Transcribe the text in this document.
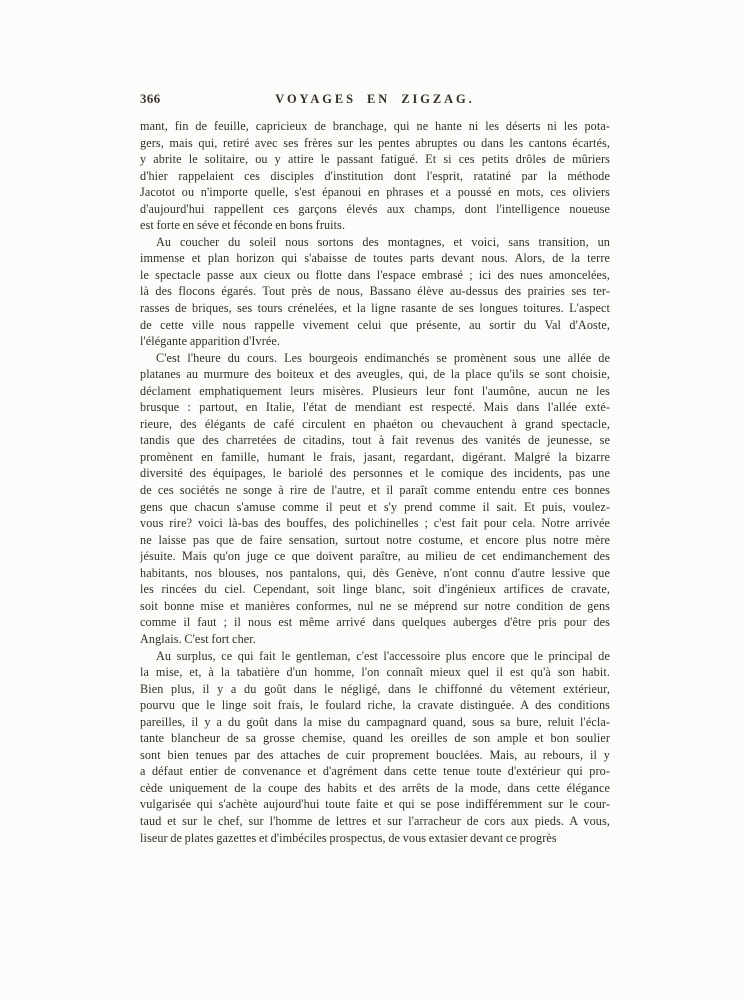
366	VOYAGES EN ZIGZAG.
mant, fin de feuille, capricieux de branchage, qui ne hante ni les déserts ni les pota-
gers, mais qui, retiré avec ses frères sur les pentes abruptes ou dans les cantons écartés,
y abrite le solitaire, ou y attire le passant fatigué. Et si ces petits drôles de mûriers
d'hier rappelaient ces disciples d'institution dont l'esprit, ratatiné par la méthode
Jacotot ou n'importe quelle, s'est épanoui en phrases et a poussé en mots, ces oliviers
d'aujourd'hui rappellent ces garçons élevés aux champs, dont l'intelligence noueuse
est forte en séve et féconde en bons fruits.
Au coucher du soleil nous sortons des montagnes, et voici, sans transition, un
immense et plan horizon qui s'abaisse de toutes parts devant nous. Alors, de la terre
le spectacle passe aux cieux ou flotte dans l'espace embrasé ; ici des nues amoncelées,
là des flocons égarés. Tout près de nous, Bassano élève au-dessus des prairies ses ter-
rasses de briques, ses tours crénelées, et la ligne rasante de ses longues toitures. L'aspect
de cette ville nous rappelle vivement celui que présente, au sortir du Val d'Aoste,
l'élégante apparition d'Ivrée.
C'est l'heure du cours. Les bourgeois endimanchés se promènent sous une allée de
platanes au murmure des boiteux et des aveugles, qui, de la place qu'ils se sont choisie,
déclament emphatiquement leurs misères. Plusieurs leur font l'aumône, aucun ne les
brusque : partout, en Italie, l'état de mendiant est respecté. Mais dans l'allée exté-
rieure, des élégants de café circulent en phaéton ou chevauchent à grand spectacle,
tandis que des charretées de citadins, tout à fait revenus des vanités de jeunesse, se
promènent en famille, humant le frais, jasant, regardant, digérant. Malgré la bizarre
diversité des équipages, le bariolé des personnes et le comique des incidents, pas une
de ces sociétés ne songe à rire de l'autre, et il paraît comme entendu entre ces bonnes
gens que chacun s'amuse comme il peut et s'y prend comme il sait. Et puis, voulez-
vous rire? voici là-bas des bouffes, des polichinelles ; c'est fait pour cela. Notre arrivée
ne laisse pas que de faire sensation, surtout notre costume, et encore plus notre mère
jésuite. Mais qu'on juge ce que doivent paraître, au milieu de cet endimanchement des
habitants, nos blouses, nos pantalons, qui, dès Genève, n'ont connu d'autre lessive que
les rincées du ciel. Cependant, soit linge blanc, soit d'ingénieux artifices de cravate,
soit bonne mise et manières conformes, nul ne se méprend sur notre condition de gens
comme il faut ; il nous est même arrivé dans quelques auberges d'être pris pour des
Anglais. C'est fort cher.
Au surplus, ce qui fait le gentleman, c'est l'accessoire plus encore que le principal de
la mise, et, à la tabatière d'un homme, l'on connaît mieux quel il est qu'à son habit.
Bien plus, il y a du goût dans le négligé, dans le chiffonné du vêtement extérieur,
pourvu que le linge soit frais, le foulard riche, la cravate distinguée. A des conditions
pareilles, il y a du goût dans la mise du campagnard quand, sous sa bure, reluit l'écla-
tante blancheur de sa grosse chemise, quand les oreilles de son ample et bon soulier
sont bien tenues par des attaches de cuir proprement bouclées. Mais, au rebours, il y
a défaut entier de convenance et d'agrément dans cette tenue toute d'extérieur qui pro-
cède uniquement de la coupe des habits et des arrêts de la mode, dans cette élégance
vulgarisée qui s'achète aujourd'hui toute faite et qui se pose indifféremment sur le cour-
taud et sur le chef, sur l'homme de lettres et sur l'arracheur de cors aux pieds. A vous,
liseur de plates gazettes et d'imbéciles prospectus, de vous extasier devant ce progrès
